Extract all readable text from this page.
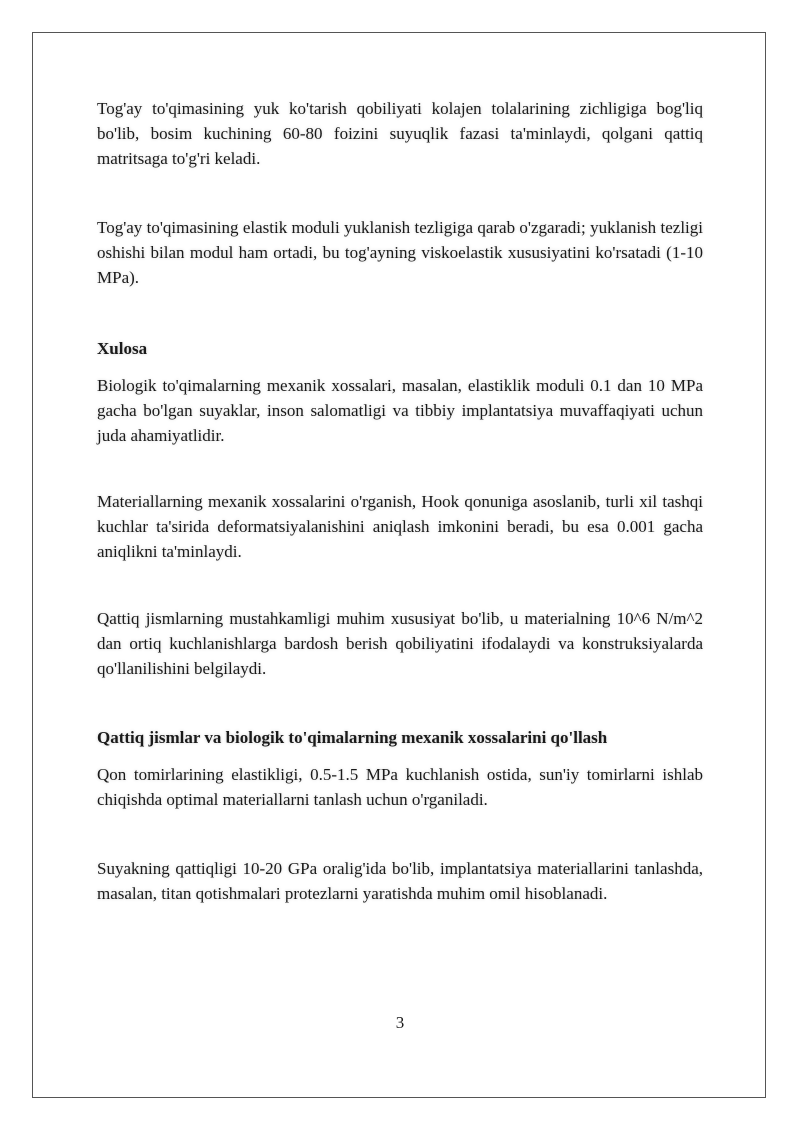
Tog'ay to'qimasining yuk ko'tarish qobiliyati kolajen tolalarining zichligiga bog'liq bo'lib, bosim kuchining 60-80 foizini suyuqlik fazasi ta'minlaydi, qolgani qattiq matritsaga to'g'ri keladi.

Tog'ay to'qimasining elastik moduli yuklanish tezligiga qarab o'zgaradi; yuklanish tezligi oshishi bilan modul ham ortadi, bu tog'ayning viskoelastik xususiyatini ko'rsatadi (1-10 MPa).

Xulosa

Biologik to'qimalarning mexanik xossalari, masalan, elastiklik moduli 0.1 dan 10 MPa gacha bo'lgan suyaklar, inson salomatligi va tibbiy implantatsiya muvaffaqiyati uchun juda ahamiyatlidir.

Materiallarning mexanik xossalarini o'rganish, Hook qonuniga asoslanib, turli xil tashqi kuchlar ta'sirida deformatsiyalanishini aniqlash imkonini beradi, bu esa 0.001 gacha aniqlikni ta'minlaydi.

Qattiq jismlarning mustahkamligi muhim xususiyat bo'lib, u materialning 10^6 N/m^2 dan ortiq kuchlanishlarga bardosh berish qobiliyatini ifodalaydi va konstruksiyalarda qo'llanilishini belgilaydi.

Qattiq jismlar va biologik to'qimalarning mexanik xossalarini qo'llash

Qon tomirlarining elastikligi, 0.5-1.5 MPa kuchlanish ostida, sun'iy tomirlarni ishlab chiqishda optimal materiallarni tanlash uchun o'rganiladi.

Suyakning qattiqligi 10-20 GPa oralig'ida bo'lib, implantatsiya materiallarini tanlashda, masalan, titan qotishmalari protezlarni yaratishda muhim omil hisoblanadi.

3
